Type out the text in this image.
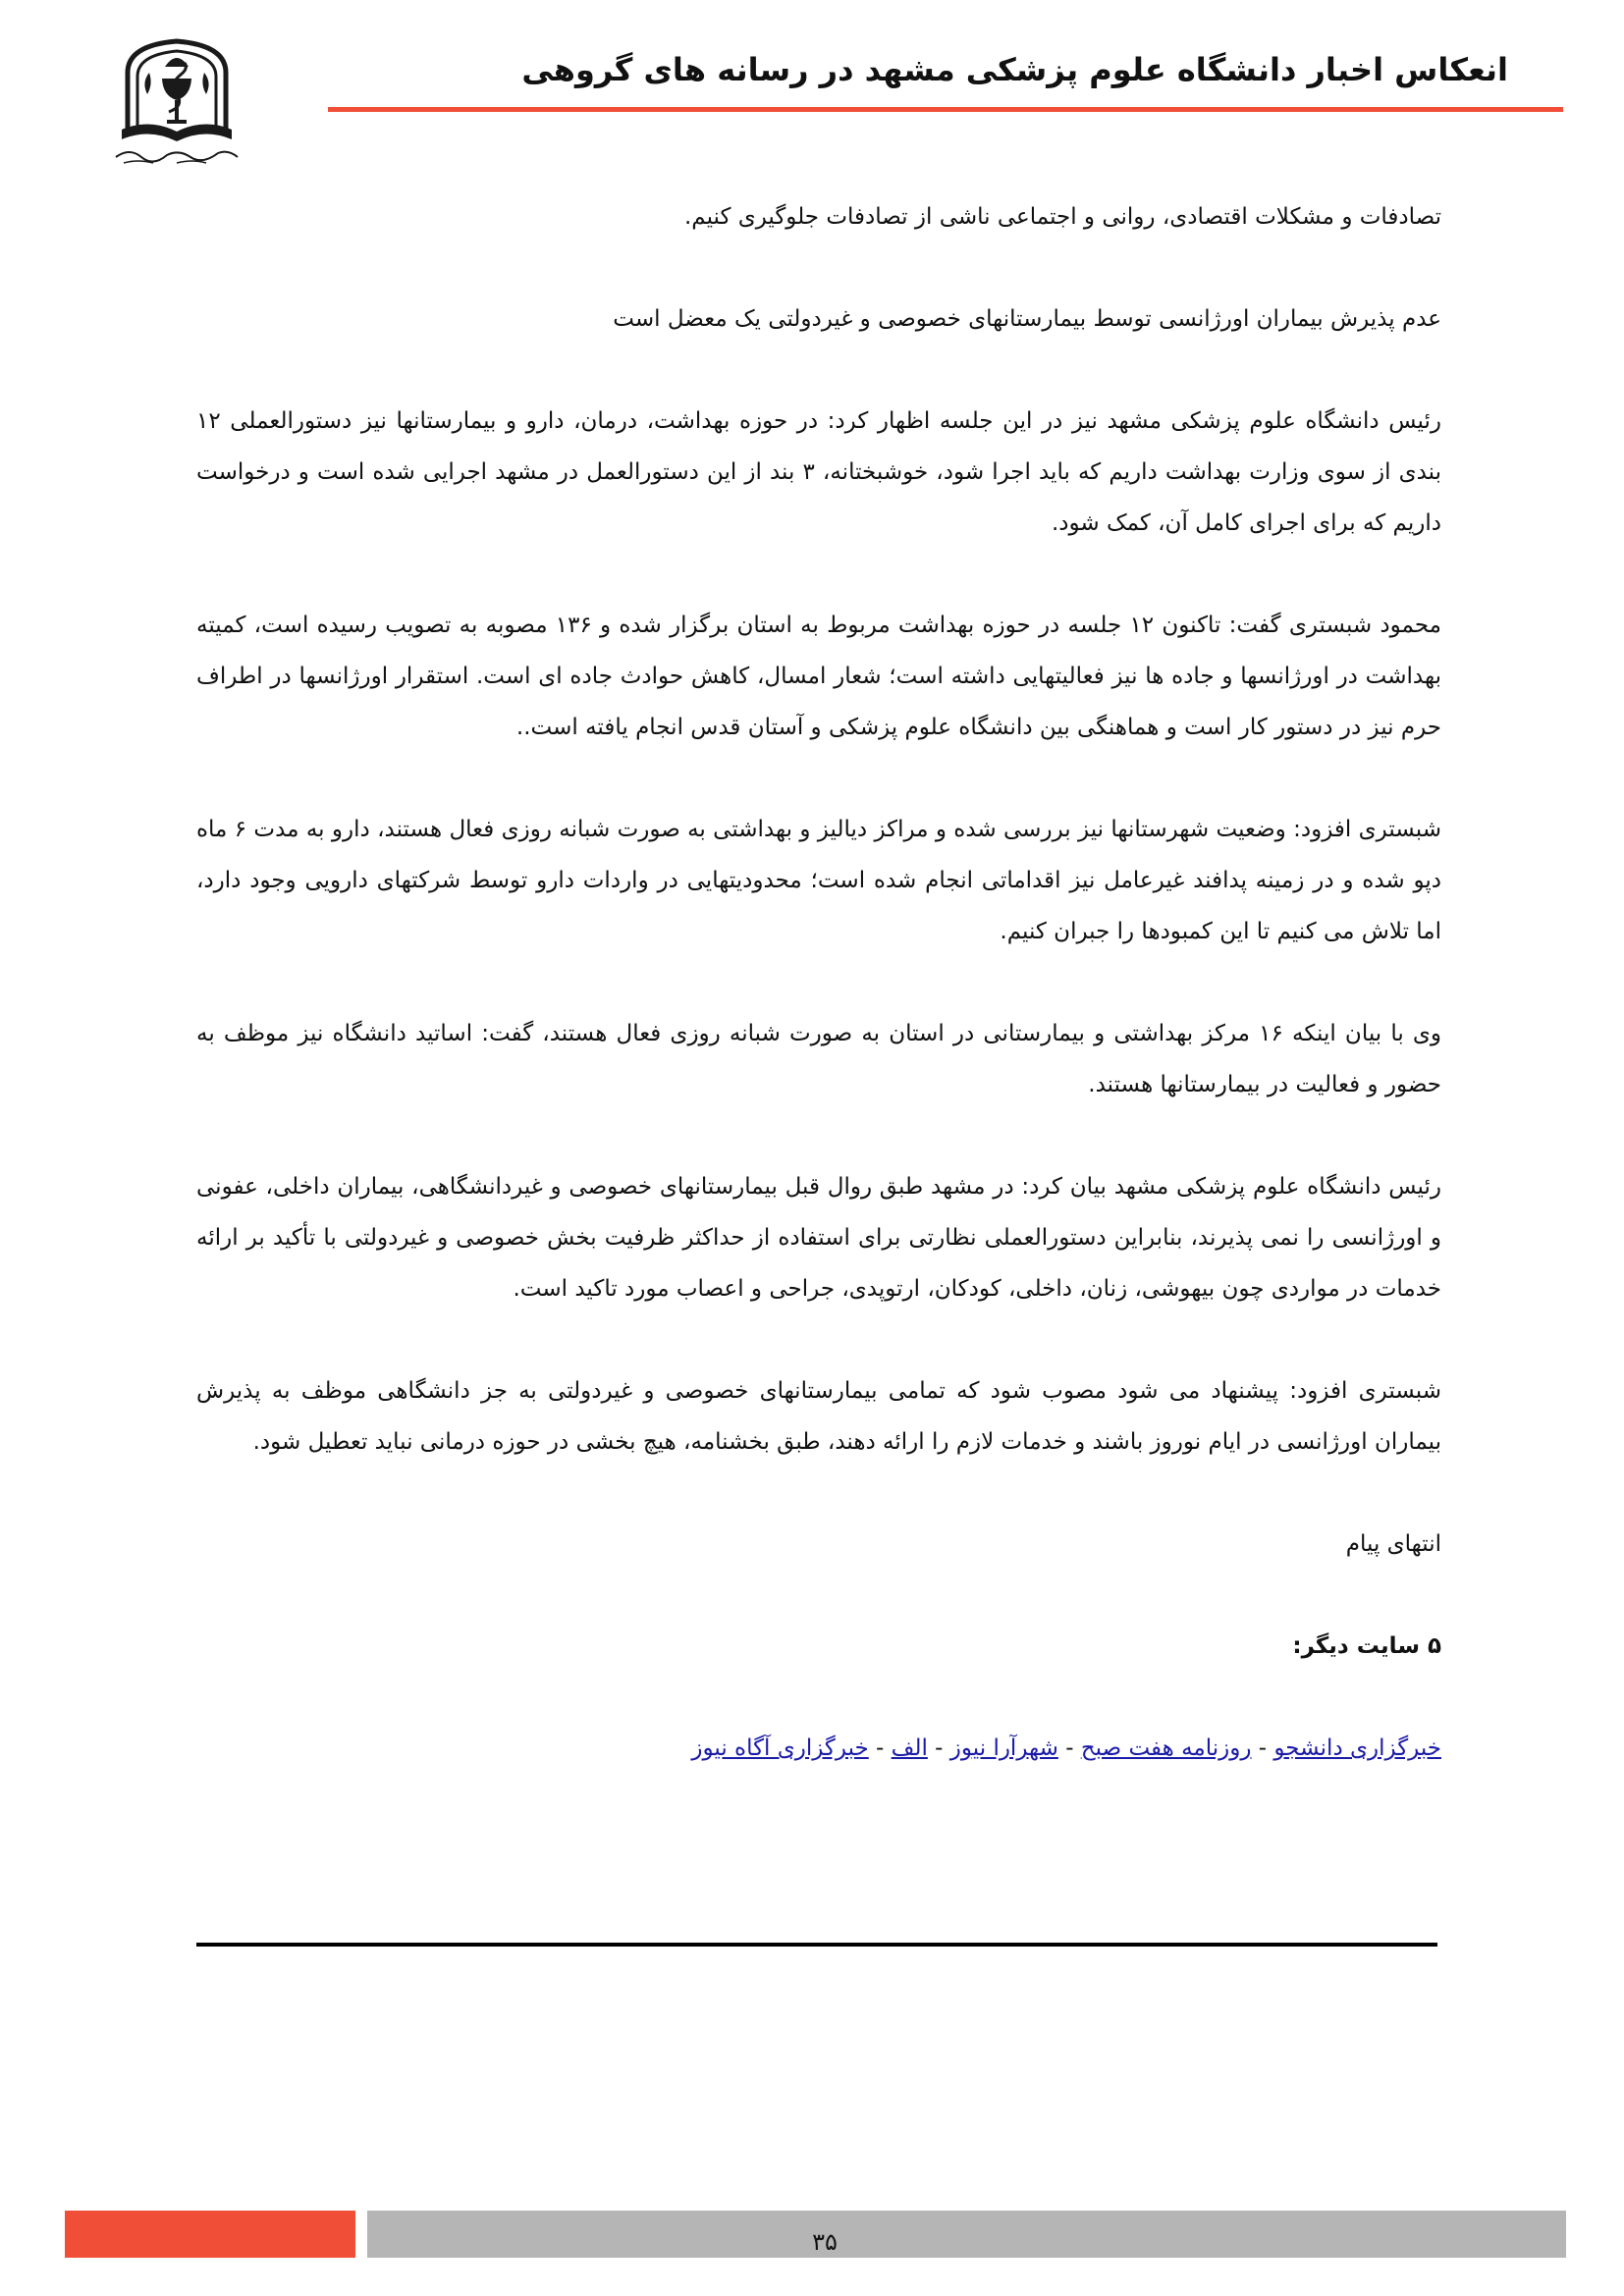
انعکاس اخبار دانشگاه علوم پزشکی مشهد در رسانه های گروهی

تصادفات و مشکلات اقتصادی، روانی و اجتماعی ناشی از تصادفات جلوگیری کنیم.

عدم پذیرش بیماران اورژانسی توسط بیمارستانهای خصوصی و غیردولتی یک معضل است

رئیس دانشگاه علوم پزشکی مشهد نیز در این جلسه اظهار کرد: در حوزه بهداشت، درمان، دارو و بیمارستانها نیز دستورالعملی ۱۲ بندی از سوی وزارت بهداشت داریم که باید اجرا شود، خوشبختانه، ۳ بند از این دستورالعمل در مشهد اجرایی شده است و درخواست داریم که برای اجرای کامل آن، کمک شود.

محمود شبستری گفت: تاکنون ۱۲ جلسه در حوزه بهداشت مربوط به استان برگزار شده و ۱۳۶ مصوبه به تصویب رسیده است، کمیته بهداشت در اورژانسها و جاده ها نیز فعالیتهایی داشته است؛ شعار امسال، کاهش حوادث جاده ای است. استقرار اورژانسها در اطراف حرم نیز در دستور کار است و هماهنگی بین دانشگاه علوم پزشکی و آستان قدس انجام یافته است..

شبستری افزود: وضعیت شهرستانها نیز بررسی شده و مراکز دیالیز و بهداشتی به صورت شبانه روزی فعال هستند، دارو به مدت ۶ ماه دپو شده و در زمینه پدافند غیرعامل نیز اقداماتی انجام شده است؛ محدودیتهایی در واردات دارو توسط شرکتهای دارویی وجود دارد، اما تلاش می کنیم تا این کمبودها را جبران کنیم.

وی با بیان اینکه ۱۶ مرکز بهداشتی و بیمارستانی در استان به صورت شبانه روزی فعال هستند، گفت: اساتید دانشگاه نیز موظف به حضور و فعالیت در بیمارستانها هستند.

رئیس دانشگاه علوم پزشکی مشهد بیان کرد: در مشهد طبق روال قبل بیمارستانهای خصوصی و غیردانشگاهی، بیماران داخلی، عفونی و اورژانسی را نمی پذیرند، بنابراین دستورالعملی نظارتی برای استفاده از حداکثر ظرفیت بخش خصوصی و غیردولتی با تأکید بر ارائه خدمات در مواردی چون بیهوشی، زنان، داخلی، کودکان، ارتوپدی، جراحی و اعصاب مورد تاکید است.

شبستری افزود: پیشنهاد می شود مصوب شود که تمامی بیمارستانهای خصوصی و غیردولتی به جز دانشگاهی موظف به پذیرش بیماران اورژانسی در ایام نوروز باشند و خدمات لازم را ارائه دهند، طبق بخشنامه، هیچ بخشی در حوزه درمانی نباید تعطیل شود.

انتهای پیام

۵ سایت دیگر:

خبرگزاری دانشجو - روزنامه هفت صبح - شهرآرا نیوز - الف - خبرگزاری آگاه نیوز

۳۵
